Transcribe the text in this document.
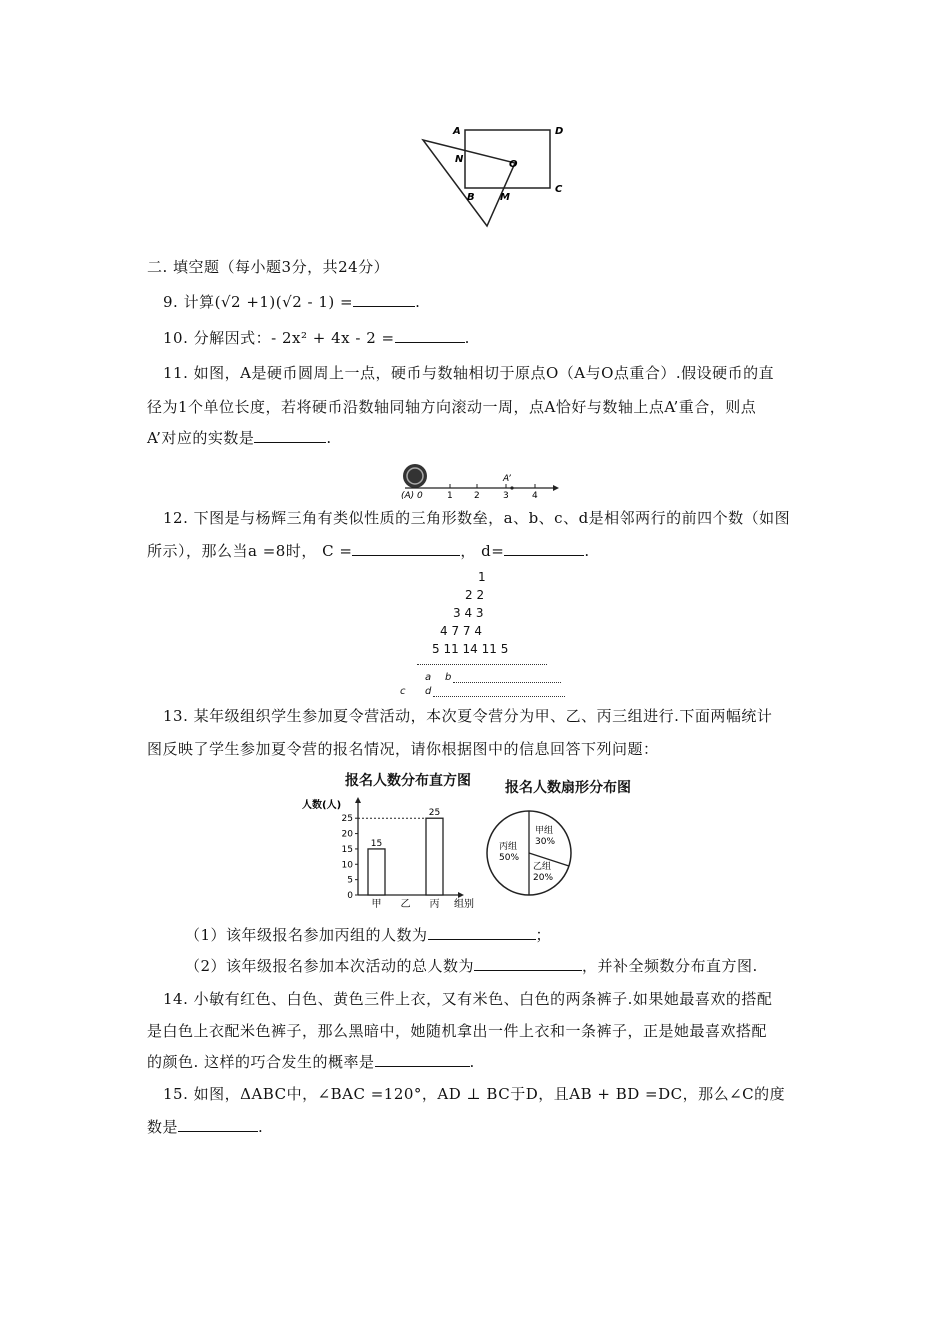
A	D
N	O
B	M
C
二. 填空题（每小题3分，共24分）
9. 计算(√2 +1)(√2 - 1) =	.
10. 分解因式：- 2x² + 4x - 2 =	.
11. 如图，A是硬币圆周上一点，硬币与数轴相切于原点O（A与O点重合）.假设硬币的直
径为1个单位长度，若将硬币沿数轴同轴方向滚动一周，点A恰好与数轴上点A’重合，则点
A’对应的实数是	.
A’
(A) 0	1 2	3	4
12. 下图是与杨辉三角有类似性质的三角形数垒，a、b、c、d是相邻两行的前四个数（如图
所示），那么当a =8时， C =	， d=	.
1
2 2
3 4 3
4 7 7 4
5 11 14 11 5
a b
c d
13. 某年级组织学生参加夏令营活动，本次夏令营分为甲、乙、丙三组进行.下面两幅统计
图反映了学生参加夏令营的报名情况，请你根据图中的信息回答下列问题：
报名人数分布直方图
人数(人)
0
5
10
15
20
25
15
甲 乙
25
丙 组别
报名人数扇形分布图
丙组
50%
甲组
30%
乙组
20%
（1）该年级报名参加丙组的人数为	；
（2）该年级报名参加本次活动的总人数为	，并补全频数分布直方图.
14. 小敏有红色、白色、黄色三件上衣，又有米色、白色的两条裤子.如果她最喜欢的搭配
是白色上衣配米色裤子，那么黑暗中，她随机拿出一件上衣和一条裤子，正是她最喜欢搭配
的颜色. 这样的巧合发生的概率是	.
15. 如图，ΔABC中，∠BAC =120°，AD ⊥ BC于D，且AB + BD =DC，那么∠C的度
数是	.
